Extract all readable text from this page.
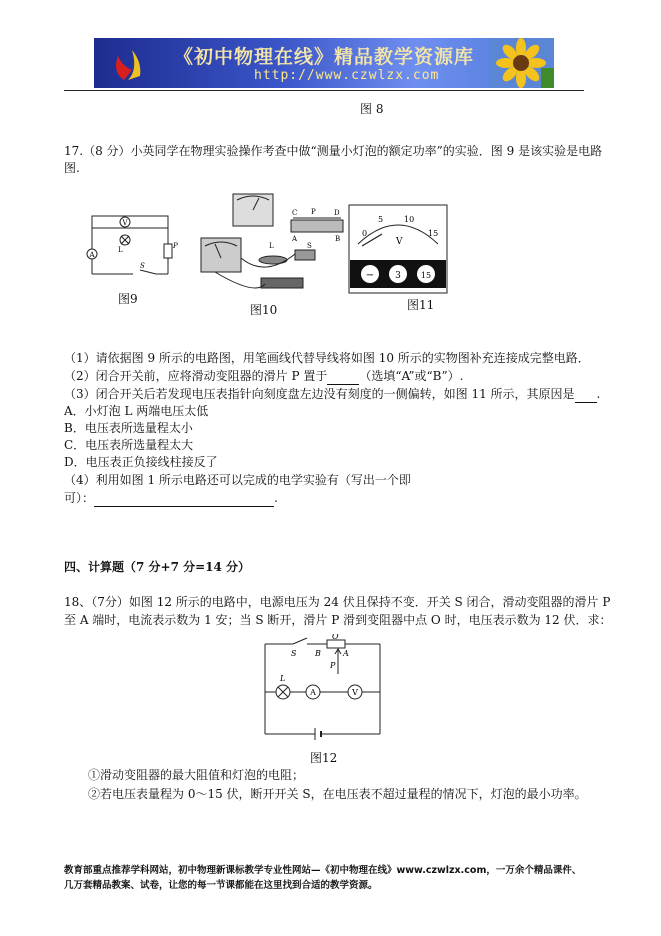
《初中物理在线》精品教学资源库
http://www.czwlzx.com
图 8

17.（8 分）小英同学在物理实验操作考查中做“测量小灯泡的额定功率”的实验．图 9 是该实验是电路

图.

V
A
L
S
P
图9
C P	D
A	B
L	S
图10
0
5	10
15
V
− 3	15
图11

（1）请依据图 9 所示的电路图，用笔画线代替导线将如图 10 所示的实物图补充连接成完整电路．

（2）闭合开关前，应将滑动变阻器的滑片 P 置于	（选填“A”或“B”）.

（3）闭合开关后若发现电压表指针向刻度盘左边没有刻度的一侧偏转，如图 11 所示，其原因是 .

A．小灯泡 L 两端电压太低

B．电压表所选量程太小

C．电压表所选量程太大

D．电压表正负接线柱接反了

（4）利用如图 1 所示电路还可以完成的电学实验有（写出一个即

可）：	.

四、计算题（7 分+7 分=14 分）

18、（7分）如图 12 所示的电路中，电源电压为 24 伏且保持不变．开关 S 闭合，滑动变阻器的滑片 P

至 A 端时，电流表示数为 1 安；当 S 断开，滑片 P 滑到变阻器中点 O 时，电压表示数为 12 伏．求：

S B
O
A
P
L
A	V
图12

①滑动变阻器的最大阻值和灯泡的电阻；

②若电压表量程为 0～15 伏，断开开关 S，在电压表不超过量程的情况下，灯泡的最小功率。

教育部重点推荐学科网站，初中物理新课标教学专业性网站—《初中物理在线》www.czwlzx.com，一万余个精品课件、
几万套精品教案、试卷，让您的每一节课都能在这里找到合适的教学资源。
